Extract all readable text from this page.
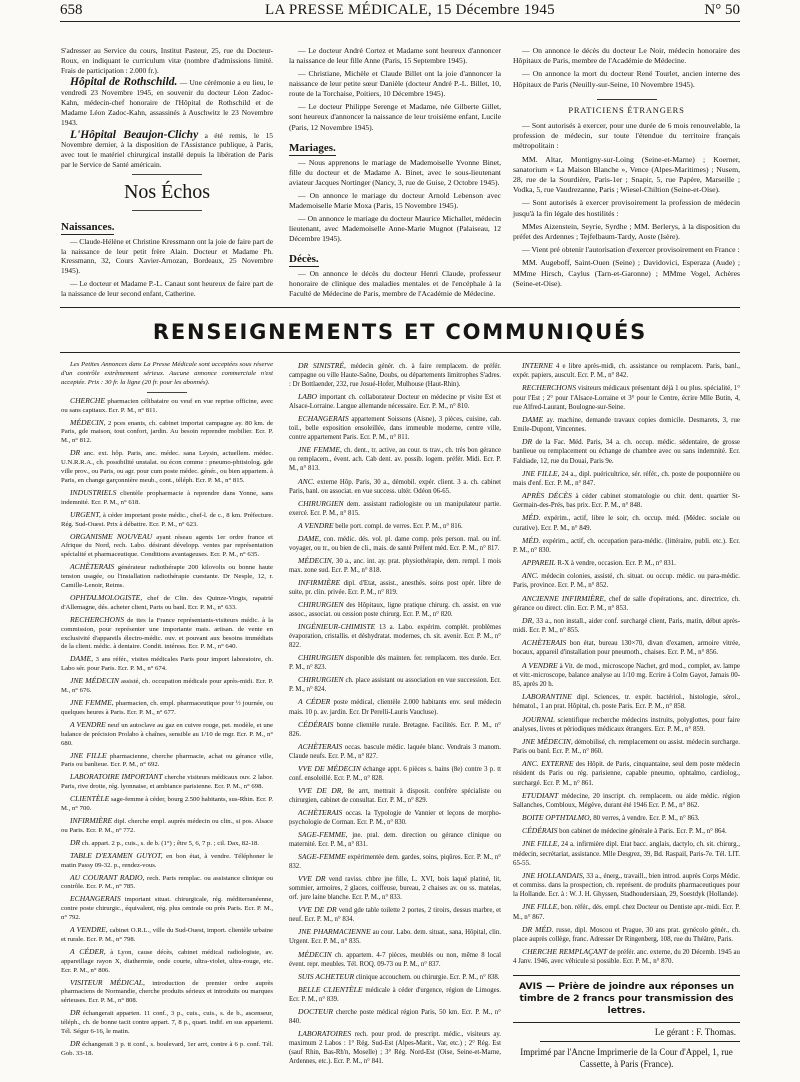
658	LA PRESSE MÉDICALE, 15 Décembre 1945	N° 50

S'adresser au Service du cours, Institut Pasteur, 25, rue du Docteur-Roux, en indiquant le curriculum vitæ (nombre d'admissions limité. Frais de participation : 2.000 fr.).

Hôpital de Rothschild. — Une cérémonie a eu lieu, le vendredi 23 Novembre 1945, en souvenir du docteur Léon Zadoc-Kahn, médecin-chef honoraire de l'Hôpital de Rothschild et de Madame Léon Zadoc-Kahn, assassinés à Auschwitz le 23 Novembre 1943.

L'Hôpital Beaujon-Clichy a été remis, le 15 Novembre dernier, à la disposition de l'Assistance publique, à Paris, avec tout le matériel chirurgical installé depuis la libération de Paris par le Service de Santé américain.

Nos Échos
Naissances.

— Claude-Hélène et Christine Kressmann ont la joie de faire part de la naissance de leur petit frère Alain. Docteur et Madame Ph. Kressmann, 32, Cours Xavier-Arnozan, Bordeaux, 25 Novembre 1945).

— Le docteur et Madame P.-L. Canaut sont heureux de faire part de la naissance de leur second enfant, Catherine.

— Le docteur André Cortez et Madame sont heureux d'annoncer la naissance de leur fille Anne (Paris, 15 Septembre 1945).

— Christiane, Michèle et Claude Billet ont la joie d'annoncer la naissance de leur petite sœur Danièle (docteur André P.-L. Billet, 10, route de la Torchaise, Poitiers, 10 Décembre 1945).

— Le docteur Philippe Serenge et Madame, née Gilberte Gillet, sont heureux d'annoncer la naissance de leur troisième enfant, Lucile (Paris, 12 Novembre 1945).

Mariages.

— Nous apprenons le mariage de Mademoiselle Yvonne Binet, fille du docteur et de Madame A. Binet, avec le sous-lieutenant aviateur Jacques Nortinger (Nancy, 3, rue de Guise, 2 Octobre 1945).

— On annonce le mariage du docteur Arnold Lebenson avec Mademoiselle Marie Moxa (Paris, 15 Novembre 1945).

— On annonce le mariage du docteur Maurice Michallet, médecin lieutenant, avec Mademoiselle Anne-Marie Mugnot (Palaiseau, 12 Décembre 1945).

Décès.

— On annonce le décès du docteur Henri Claude, professeur honoraire de clinique des maladies mentales et de l'encéphale à la Faculté de Médecine de Paris, membre de l'Académie de Médecine.

— On annonce le décès du docteur Le Noir, médecin honoraire des Hôpitaux de Paris, membre de l'Académie de Médecine.

— On annonce la mort du docteur René Tourlet, ancien interne des Hôpitaux de Paris (Neuilly-sur-Seine, 10 Novembre 1945).

PRATICIENS ÉTRANGERS

— Sont autorisés à exercer, pour une durée de 6 mois renouvelable, la profession de médecin, sur toute l'étendue du territoire français métropolitain :

MM. Altar, Montigny-sur-Loing (Seine-et-Marne) ; Koerner, sanatorium « La Maison Blanche », Vence (Alpes-Maritimes) ; Nusem, 28, rue de la Sourdière, Paris-1er ; Snapir, 5, rue Papère, Marseille ; Vodka, 5, rue Vaudrezanne, Paris ; Wiesel-Chiltion (Seine-et-Oise).

— Sont autorisés à exercer provisoirement la profession de médecin jusqu'à la fin légale des hostilités :

MMes Aizenstein, Seyrie, Syrdhe ; MM. Berlerys, à la disposition du préfet des Ardennes ; Tejfelbaum-Tardy, Aoste (Isère).

— Vient pré obtenir l'autorisation d'exercer provisoirement en France :

MM. Augeboff, Saint-Ouen (Seine) ; Davidovici, Esperaza (Aude) ; MMme Hirsch, Caylus (Tarn-et-Garonne) ; MMme Vogel, Achères (Seine-et-Oise).

RENSEIGNEMENTS ET COMMUNIQUÉS

Les Petites Annonces dans La Presse Médicale sont acceptées sous réserve d'un contrôle extrêmement sérieux. Aucune annonce commerciale n'est acceptée. Prix : 30 fr. la ligne (20 fr. pour les abonnés).

CHERCHE pharmacien célibataire ou veuf en vue reprise officine, avec ou sans capitaux. Ecr. P. M., n° 811.

MÉDECIN, 2 pces enants, ch. cabinet importat campagne ay. 80 km. de Paris, gde maison, tout confort, jardin. Au besoin reprendre mobilier. Ecr. P. M., n° 812.

DR anc. ext. hôp. Paris, anc. médec. sana Leysin, actuellem. médec. U.N.R.R.A., ch. possibilité unstalat. ou écon comme : pneumo-phtisiolog. gde ville prov., ou Paris, ou agr. pour cum poste médec. génér., ou bien appartem. à Paris, en change garçonnière meub., cont., téléph. Ecr. P. M., n° 815.

INDUSTRIELS clientèle propharmacie à reprendre dans Yonne, sans indemnité. Ecr. P. M., n° 618.

URGENT, à céder important poste médic., chef-l. de c., 8 km. Préfecture. Rég. Sud-Ouest. Prix à débattre. Ecr. P. M., n° 623.

ORGANISME NOUVEAU ayant réseau agents 1er ordre france et Afrique du Nord, rech. Labo. désirant développ. ventes par représentation spécialité et pharmaceutique. Conditions avantageuses. Ecr. P. M., n° 635.

ACHÈTERAIS générateur radiothérapie 200 kilovolts ou bonne haute tension usagée, ou l'installation radiothérapie cuestante. Dr Nesple, 12, r. Camille-Lenoir, Reims.

OPHTALMOLOGISTE, chef de Clin. des Quinze-Vingts, rapatrié d'Allemagne, dés. acheter client, Paris ou banl. Ecr. P. M., n° 633.

RECHERCHONS de ttes la France représentants-visiteurs médic. à la commission, pour représenter une importante mais. artisan. de vente en exclusivité d'appareils électro-médic. ouv. et pouvant aux besoins immédiats de la client. médic. à dentaire. Condit. intéress. Ecr. P. M., n° 640.

DAME, 3 ans référ., visites médicales Paris pour import laboratoire, ch. Labo sér. pour Paris. Ecr. P. M., n° 674.

JNE MÉDECIN assisté, ch. occupation médicale pour après-midi. Ecr. P. M., n° 676.

JNE FEMME, pharmacien, ch. empl. pharmaceutique pour ½ journée, ou quelques heures à Paris. Ecr. P. M., n° 677.

A VENDRE neuf un autoclave au gaz en cuivre rouge, pet. modèle, et une balance de précision Prolabo à chaînes, sensible au 1/10 de mgr. Ecr. P. M., n° 680.

JNE FILLE pharmacienne, cherche pharmacie, achat ou gérance ville, Paris ou banlieue. Ecr. P. M., n° 692.

LABORATOIRE IMPORTANT cherche visiteurs médicaux ouv. 2 labor. Paris, rive droite, rég. lyonnaise, et ambiance parisienne. Ecr. P. M., n° 698.

CLIENTÈLE sage-femme à céder, bourg 2.500 habitants, sus-Rhin. Ecr. P. M., n° 700.

INFIRMIÈRE dipl. cherche empl. auprès médecin ou clin., si pos. Alsace ou Paris. Ecr. P. M., n° 772.

DR ch. appart. 2 p., cuis., s. de b. (1°) ; être 5, 6, 7 p. ; cil. Dax, 82-18.

TABLE D'EXAMEN GUYOT, en bon état, à vendre. Téléphoner le matin Passy 09-32. p., rendez-vous.

AU COURANT RADIO, rech. Paris remplac. ou assistance clinique ou contrôle. Ecr. P. M., n° 785.

ECHANGERAIS important situat. chirurgicale, rég. méditerranéenne, contre poste chirurgic., équivalent, rég. plus centrale ou près Paris. Ecr. P. M., n° 792.

A VENDRE, cabinet O.R.L., ville du Sud-Ouest, import. clientèle urbaine et rurale. Ecr. P. M., n° 798.

A CÉDER, à Lyon, cause décès, cabinet médical radiologiste, av. appareillage rayon X, diathermie, onde courte, ultra-violet, ultra-rouge, etc. Ecr. P. M., n° 806.

VISITEUR MÉDICAL, introduction de premier ordre auprès pharmaciens de Normandie, cherche produits sérieux et introduits ou marques sérieuses. Ecr. P. M., n° 808.

DR échangerait apparten. 11 conf., 3 p., cuis., cuis., s. de b., ascenseur, téléph., ch. de bonne tacit contre appart. 7, 8 p., quart. indif. en sus appartemt. Tél. Ségur 6-16, le matin.

DR échangerait 3 p. tt conf., s. boulevard, 1er arrt, contre à 6 p. conf. Tél. Gob. 33-18.

DR SINISTRÉ, médecin génér. ch. à faire remplacem. de préfér. campagne ou ville Haute-Saône, Doubs, ou départements limitrophes S'adres. : Dr Bottlaender, 232, rue Josué-Hofer, Mulhouse (Haut-Rhin).

LABO important ch. collaborateur Docteur en médecine pr visite Est et Alsace-Lorraine. Langue allemande nécessaire. Ecr. P. M., n° 810.

ECHANGERAIS appartement Soissons (Aisne), 3 pièces, cuisine, cab. toil., belle exposition ensoleillée, dans immeuble moderne, centre ville, contre appartement Paris. Ecr. P. M., n° 811.

JNE FEMME, ch. dent., tr. active, au cour. ts trav., ch. très bon gérance ou remplacem., évent. ach. Cab dent. av. possib. logem. préfér. Midi. Ecr. P. M., n° 813.

ANC. externe Hôp. Paris, 30 a., démobil. expér. client. 3 a. ch. cabinet Paris, banl. ou associat. en vue success. ultér. Odéon 06-65.

CHIRURGIEN dem. assistant radiologiste ou un manipulateur partie. exercé. Ecr. P. M., n° 815.

A VENDRE belle port. compl. de verres. Ecr. P. M., n° 816.

DAME, con. médic. dés. vol. pl. dame comp. près person. mal. ou inf. voyager, ou tr., ou bien de cli., mais. de santé Préfent méd. Ecr. P. M., n° 817.

MÉDECIN, 30 a., anc. int. ay. prat. physiothérapie, dem. rempl. 1 mois max. zone sud. Ecr. P. M., n° 818.

INFIRMIÈRE dipl. d'Etat, assist., anesthés. soins post opér. libre de suite, pr. clin. privée. Ecr. P. M., n° 819.

CHIRURGIEN des Hôpitaux, ligne pratique chirurg. ch. assist. en vue assoc., associat. ou cession poste chirurg. Ecr. P. M., n° 820.

INGÉNIEUR-CHIMISTE 13 a. Labo. expérim. complét. problèmes évaporation, cristallis. et déshydratat. modernes, ch. sit. avenir. Ecr. P. M., n° 822.

CHIRURGIEN disponible dès mainten. fer. remplacem. ttes durée. Ecr. P. M., n° 823.

CHIRURGIEN ch. place assistant ou association en vue succession. Ecr. P. M., n° 824.

A CÉDER poste médical, clientèle 2.000 habitants env. seul médecin mais. 10 p. av. jardin. Ecr. Dr Perelli-Lauris Vaucluse).

CÉDÉRAIS bonne clientèle rurale. Bretagne. Facilités. Ecr. P. M., n° 826.

ACHÈTERAIS occas. bascule médic. laquée blanc. Vendrais 3 manom. Claude neufs. Ecr. P. M., n° 827.

VVE DE MÉDECIN échange appt. 6 pièces s. bains (8e) contre 3 p. tt conf. ensoleillé. Ecr. P. M., n° 828.

VVE DE DR, 8e arrt, mettrait à disposit. confrère spécialiste ou chirurgien, cabinet de consultat. Ecr. P. M., n° 829.

ACHÈTERAIS occas. la Typologie de Vannier et leçons de morpho-psychologie de Corman. Ecr. P. M., n° 830.

SAGE-FEMME, jne. pral. dem. direction ou gérance clinique ou maternité. Ecr. P. M., n° 831.

SAGE-FEMME expérimentée dem. gardes, soins, piqûres. Ecr. P. M., n° 832.

VVE DR vend raviss. chbre jne fille, L. XVI, bois laqué platiné, lit, sommier, armoires, 2 glaces, coiffeuse, bureau, 2 chaises av. ou ss. matelas, orf. jure laine blanche. Ecr. P. M., n° 833.

VVE DE DR vend gde table toilette 2 portes, 2 tiroirs, dessus marbre, et neuf. Ecr. P. M., n° 834.

JNE PHARMACIENNE au cour. Labo. dem. situat., sana, Hôpital, clin. Urgent. Ecr. P. M., n° 835.

MÉDECIN ch. appartem. 4-7 pièces, meublés ou non, même 8 local évent. repr. meubles. Tél. ROQ. 09-73 ou P. M., n° 837.

SUIS ACHETEUR clinique accouchem. ou chirurgie. Ecr. P. M., n° 838.

BELLE CLIENTÈLE médicale à céder d'urgence, région de Limoges. Ecr. P. M., n° 839.

DOCTEUR cherche poste médical région Paris, 50 km. Ecr. P. M., n° 840.

LABORATOIRES rech. pour prod. de prescript. médic., visiteurs ay. maximum 2 Labos : 1° Rég. Sud-Est (Alpes-Marit., Var, etc.) ; 2° Rég. Est (sauf Rhin, Bas-Rh'n, Moselle) ; 3° Rég. Nord-Est (Oise, Seine-et-Marne, Ardennes, etc.). Ecr. P. M., n° 841.

INTERNE 4 e libre après-midi, ch. assistance ou remplacem. Paris, banl., expér. papiers, auscult. Ecr. P. M., n° 842.

RECHERCHONS visiteurs médicaux présentant déjà 1 ou plus. spécialité, 1° pour l'Est ; 2° pour l'Alsace-Lorraine et 3° pour le Centre, écrire Mlle Butin, 4, rue Alfred-Laurant, Boulogne-sur-Seine.

DAME ay. machine, demande travaux copies domicile. Desmarets, 3, rue Emile-Dupont, Vincennes.

DR de la Fac. Méd. Paris, 34 a. ch. occup. médic. sédentaire, de grosse banlieue ou remplacement ou échange de chambre avec ou sans indemnité. Ecr. Faldiade, 12, rue du Douai, Paris 9e.

JNE FILLE, 24 a., dipl. puéricultrice, sér. référ., ch. poste de pouponnière ou mais d'enf. Ecr. P. M., n° 847.

APRÈS DÉCÈS à céder cabinet stomatologie ou chir. dent. quartier St-Germain-des-Prés, bas prix. Ecr. P. M., n° 848.

MÉD. expérim., actif, libre le soir, ch. occup. méd. (Médec. sociale ou curative). Ecr. P. M., n° 849.

MÉD. expérim., actif, ch. occupation para-médic. (littéraire, publi. etc.). Ecr. P. M., n° 830.

APPAREIL R-X à vendre, occasion. Ecr. P. M., n° 831.

ANC. médecin colonies, assisté, ch. situat. ou occup. médic. ou para-médic. Paris, province. Ecr. P. M., n° 852.

ANCIENNE INFIRMIÈRE, chef de salle d'opérations, anc. directrice, ch. gérance ou direct. clin. Ecr. P. M., n° 853.

DR, 33 a., non install., aider conf. surchargé client, Paris, matin, début après-midi. Ecr. P. M., n° 855.

ACHÈTERAIS bon état, bureau 130×70, divan d'examen, armoire vitrée, bocaux, appareil d'installation pour pneumoth., chaises. Ecr. P. M., n° 856.

A VENDRE à Vit. de mod., microscope Nachet, grd mod., complet, av. lampe et vitr.-microscope, balance analyse au 1/10 mg. Ecrire à Colm Gayot, Jamais 00-85, après 20 h.

LABORANTINE dipl. Sciences, tr. expér. bactériol., histologie, sérol., hématol., 1 an prat. Hôpital, ch. poste Paris. Ecr. P. M., n° 858.

JOURNAL scientifique recherche médecins instruits, polyglottes, pour faire analyses, livres et périodiques médicaux étrangers. Ecr. P. M., n° 859.

JNE MÉDECIN, démobilisé, ch. remplacement ou assist. médecin surcharge. Paris ou banl. Ecr. P. M., n° 860.

ANC. EXTERNE des Hôpit. de Paris, cinquantaine, seul dem poste médecin résident ds Paris ou rég. parisienne, capable pneumo, ophtalmo, cardiolog., surchargé. Ecr. P. M., n° 861.

ETUDIANT médecine, 20 inscript. ch. remplacem. ou aide médic. région Sallanches, Combloux, Mégève, durant été 1946 Ecr. P. M., n° 862.

BOITE OPTHTALMO, 80 verres, à vendre. Ecr. P. M., n° 863.

CÉDÉRAIS bon cabinet de médecine générale à Paris. Ecr. P. M., n° 864.

JNE FILLE, 24 a. infirmière dipl. Etat bacc. anglais, dactylo, ch. sit. chirurg., médecin, secrétariat, assistance. Mlle Desgrez, 39, Bd. Raspail, Paris-7e. Tél. LIT. 65-55.

JNE HOLLANDAIS, 33 a., énerg., travaill., bien introd. auprès Corps Médic. et commiss. dans la prospection, ch. représent. de produits pharmaceutiques pour la Hollande. Ecr. à : W. J. H. Ghyssen, Stadhoudersiaan, 29, Soestdyk (Hollande).

JNE FILLE, bon. référ., dés. empl. chez Docteur ou Dentiste apr.-midi. Ecr. P. M., n° 867.

DR MÉD. russe, dipl. Moscou et Prague, 30 ans prat. gynécolo génér., ch. place auprès collège, franc. Adresser Dr Ringenberg, 108, rue du Théâtre, Paris.

CHERCHE REMPLAÇANT de préfér. anc. externe, du 20 Décemb. 1945 au 4 Janv. 1946, avec véhicule si possible. Ecr. P. M., n° 870.

AVIS — Prière de joindre aux réponses un timbre de 2 francs pour transmission des lettres.
Le gérant : F. Thomas.
Imprimé par l'Ancne Imprimerie de la Cour d'Appel, 1, rue Cassette, à Paris (France).
